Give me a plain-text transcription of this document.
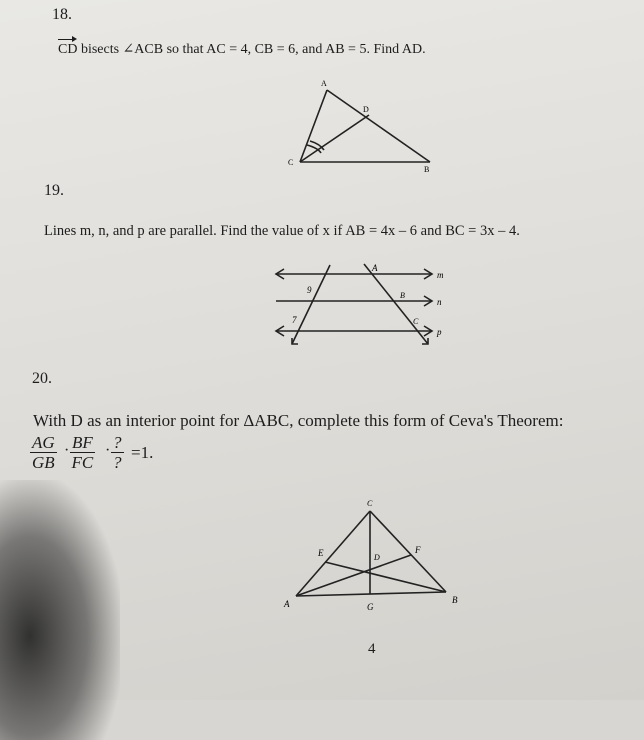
18.
CD bisects ∠ACB so that AC = 4, CB = 6, and AB = 5. Find AD.
A
D
C
B
19.
Lines m, n, and p are parallel. Find the value of x if AB = 4x – 6 and BC = 3x – 4.
m
n
p
A
B
C
9
7
20.
With D as an interior point for ΔABC, complete this form of Ceva's Theorem:
$\frac{AG}{GB} \cdot \frac{BF}{FC}$ · ?
?
=1.
C
E	D
F
A	G
B
4
